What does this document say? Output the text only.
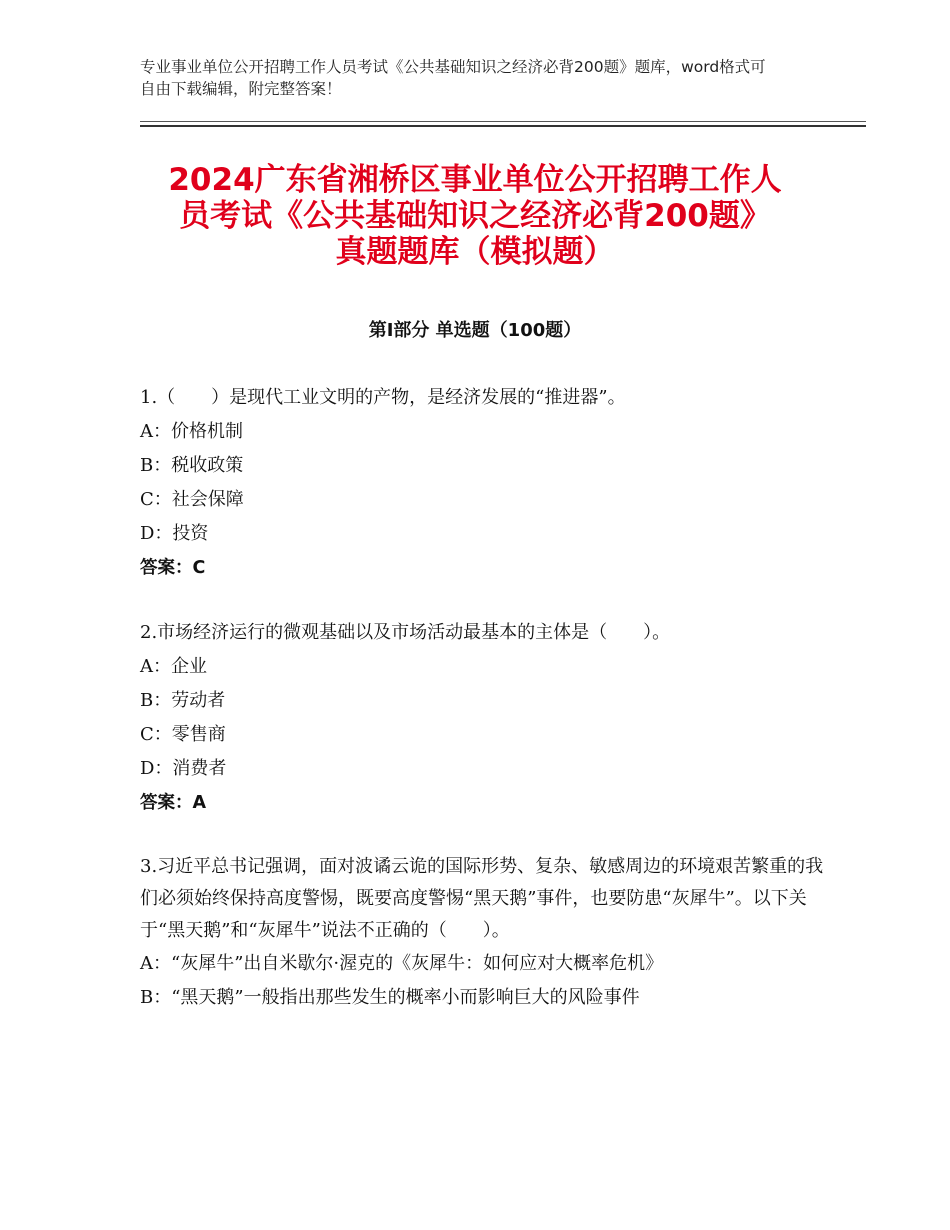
专业事业单位公开招聘工作人员考试《公共基础知识之经济必背200题》题库，word格式可自由下载编辑，附完整答案！
2024广东省湘桥区事业单位公开招聘工作人
员考试《公共基础知识之经济必背200题》
真题题库（模拟题）
第Ⅰ部分 单选题（100题）
1.（　　）是现代工业文明的产物，是经济发展的“推进器”。
A：价格机制
B：税收政策
C：社会保障
D：投资
答案：C
2.市场经济运行的微观基础以及市场活动最基本的主体是（　　）。
A：企业
B：劳动者
C：零售商
D：消费者
答案：A
3.习近平总书记强调，面对波谲云诡的国际形势、复杂、敏感周边的环境艰苦繁重的我们必须始终保持高度警惕，既要高度警惕“黑天鹅”事件，也要防患“灰犀牛”。以下关于“黑天鹅”和“灰犀牛”说法不正确的（　　）。
A：“灰犀牛”出自米歇尔·渥克的《灰犀牛：如何应对大概率危机》
B：“黑天鹅”一般指出那些发生的概率小而影响巨大的风险事件
